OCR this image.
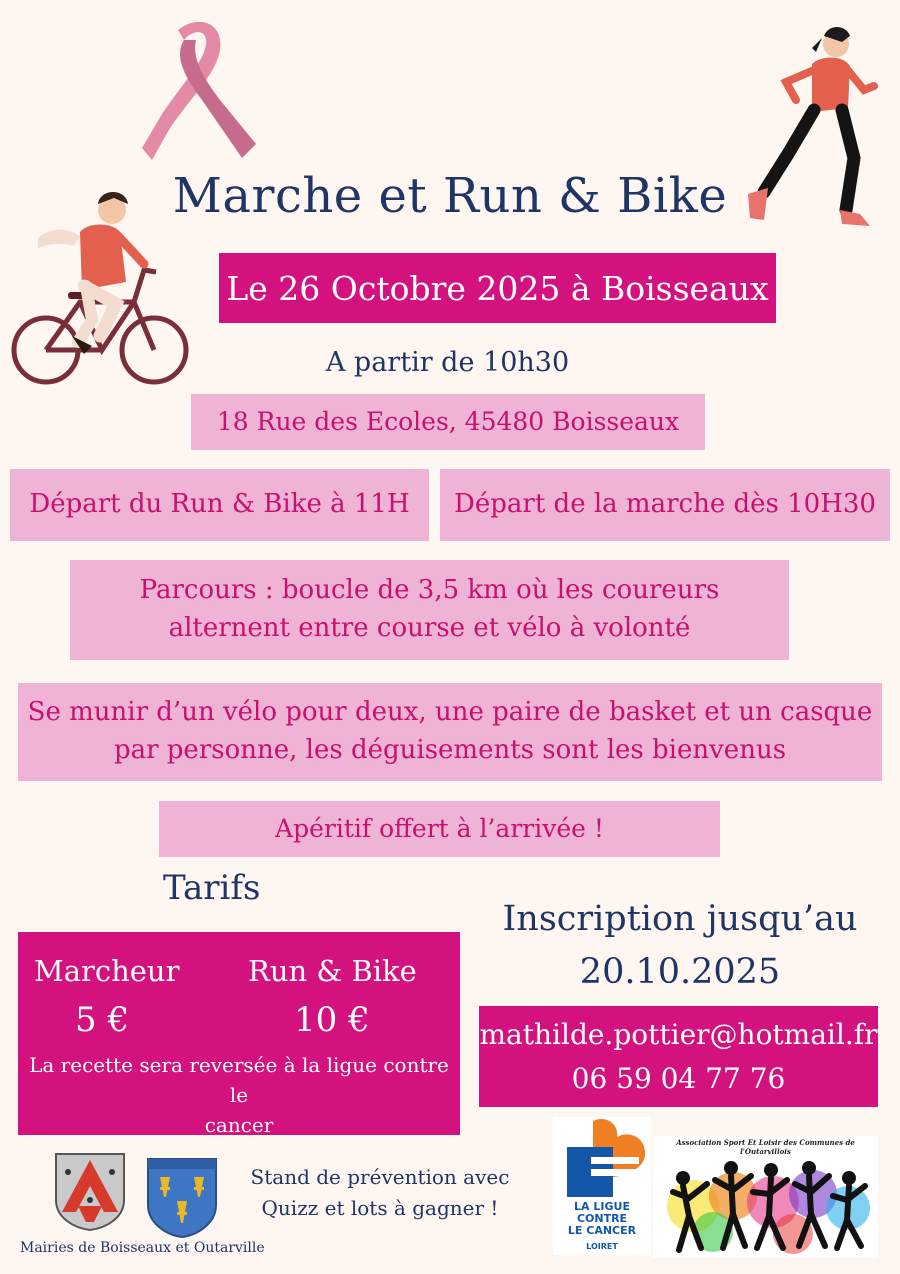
Marche et Run & Bike
Le 26 Octobre 2025 à Boisseaux
A partir de 10h30
18 Rue des Ecoles, 45480 Boisseaux
Départ du Run & Bike à 11H	Départ de la marche dès 10H30
Parcours : boucle de 3,5 km où les coureurs
alternent entre course et vélo à volonté
Se munir d’un vélo pour deux, une paire de basket et un casque
par personne, les déguisements sont les bienvenus
Apéritif offert à l’arrivée !
Tarifs
Marcheur Run & Bike
5 €	10 €
La recette sera reversée à la ligue contre le
cancer
Inscription jusqu’au
20.10.2025
mathilde.pottier@hotmail.fr
06 59 04 77 76
Mairies de Boisseaux et Outarville
Stand de prévention avec
Quizz et lots à gagner !	LA LIGUE
CONTRE
LE CANCER
LOIRET
Association Sport Et Loisir des Communes de l'Outarvillois
